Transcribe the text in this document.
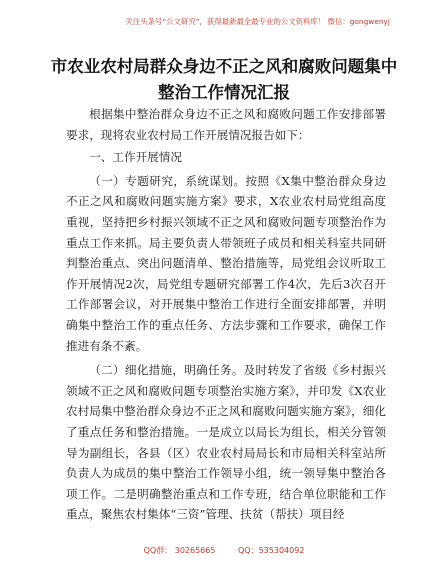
关注头条号“公文研究”，获得最新最全最专业的公文资料库！ 微信：gongwenyj
市农业农村局群众身边不正之风和腐败问题集中整治工作情况汇报

根据集中整治群众身边不正之风和腐败问题工作安排部署要求，现将农业农村局工作开展情况报告如下：

一、工作开展情况

（一）专题研究，系统谋划。按照《X集中整治群众身边不正之风和腐败问题实施方案》要求，X农业农村局党组高度重视，坚持把乡村振兴领域不正之风和腐败问题专项整治作为重点工作来抓。局主要负责人带领班子成员和相关科室共同研判整治重点、突出问题清单、整治措施等，局党组会议听取工作开展情况2次，局党组专题研究部署工作4次，先后3次召开工作部署会议，对开展集中整治工作进行全面安排部署，并明确集中整治工作的重点任务、方法步骤和工作要求，确保工作推进有条不紊。

（二）细化措施，明确任务。及时转发了省级《乡村振兴领域不正之风和腐败问题专项整治实施方案》，并印发《X农业农村局集中整治群众身边不正之风和腐败问题实施方案》，细化了重点任务和整治措施。一是成立以局长为组长，相关分管领导为副组长，各县（区）农业农村局局长和市局相关科室站所负责人为成员的集中整治工作领导小组，统一领导集中整治各项工作。二是明确整治重点和工作专班，结合单位职能和工作重点，聚焦农村集体“三资”管理、扶贫（帮扶）项目经

QQ群： 30265665	QQ：535304092
